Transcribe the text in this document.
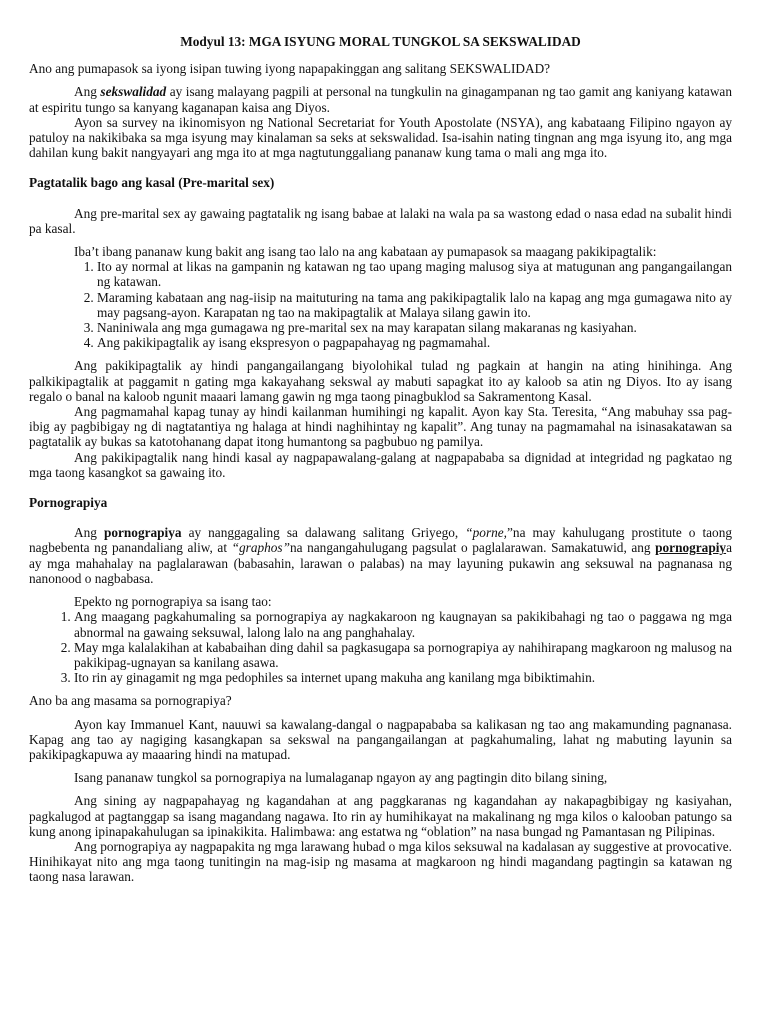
Modyul 13: MGA ISYUNG MORAL TUNGKOL SA SEKSWALIDAD

Ano ang pumapasok sa iyong isipan tuwing iyong napapakinggan ang salitang SEKSWALIDAD?

Ang sekswalidad ay isang malayang pagpili at personal na tungkulin na ginagampanan ng tao gamit ang kaniyang katawan at espiritu tungo sa kanyang kaganapan kaisa ang Diyos.

Ayon sa survey na ikinomisyon ng National Secretariat for Youth Apostolate (NSYA), ang kabataang Filipino ngayon ay patuloy na nakikibaka sa mga isyung may kinalaman sa seks at sekswalidad. Isa-isahin nating tingnan ang mga isyung ito, ang mga dahilan kung bakit nangyayari ang mga ito at mga nagtutunggaliang pananaw kung tama o mali ang mga ito.

Pagtatalik bago ang kasal (Pre-marital sex)

Ang pre-marital sex ay gawaing pagtatalik ng isang babae at lalaki na wala pa sa wastong edad o nasa edad na subalit hindi pa kasal.

Iba’t ibang pananaw kung bakit ang isang tao lalo na ang kabataan ay pumapasok sa maagang pakikipagtalik:

1. Ito ay normal at likas na gampanin ng katawan ng tao upang maging malusog siya at matugunan ang pangangailangan ng katawan.
2. Maraming kabataan ang nag-iisip na maituturing na tama ang pakikipagtalik lalo na kapag ang mga gumagawa nito ay may pagsang-ayon. Karapatan ng tao na makipagtalik at Malaya silang gawin ito.
3. Naniniwala ang mga gumagawa ng pre-marital sex na may karapatan silang makaranas ng kasiyahan.
4. Ang pakikipagtalik ay isang ekspresyon o pagpapahayag ng pagmamahal.

Ang pakikipagtalik ay hindi pangangailangang biyolohikal tulad ng pagkain at hangin na ating hinihinga. Ang palkikipagtalik at paggamit n gating mga kakayahang sekswal ay mabuti sapagkat ito ay kaloob sa atin ng Diyos. Ito ay isang regalo o banal na kaloob ngunit maaari lamang gawin ng mga taong pinagbuklod sa Sakramentong Kasal.

Ang pagmamahal kapag tunay ay hindi kailanman humihingi ng kapalit. Ayon kay Sta. Teresita, “Ang mabuhay ssa pag-ibig ay pagbibigay ng di nagtatantiya ng halaga at hindi naghihintay ng kapalit”. Ang tunay na pagmamahal na isinasakatawan sa pagtatalik ay bukas sa katotohanang dapat itong humantong sa pagbubuo ng pamilya.

Ang pakikipagtalik nang hindi kasal ay nagpapawalang-galang at nagpapababa sa dignidad at integridad ng pagkatao ng mga taong kasangkot sa gawaing ito.

Pornograpiya

Ang pornograpiya ay nanggagaling sa dalawang salitang Griyego, “porne,”na may kahulugang prostitute o taong nagbebenta ng panandaliang aliw, at “graphos”na nangangahulugang pagsulat o paglalarawan. Samakatuwid, ang pornograpiya ay mga mahahalay na paglalarawan (babasahin, larawan o palabas) na may layuning pukawin ang seksuwal na pagnanasa ng nanonood o nagbabasa.

Epekto ng pornograpiya sa isang tao:

1. Ang maagang pagkahumaling sa pornograpiya ay nagkakaroon ng kaugnayan sa pakikibahagi ng tao o paggawa ng mga abnormal na gawaing seksuwal, lalong lalo na ang panghahalay.
2. May mga kalalakihan at kababaihan ding dahil sa pagkasugapa sa pornograpiya ay nahihirapang magkaroon ng malusog na pakikipag-ugnayan sa kanilang asawa.
3. Ito rin ay ginagamit ng mga pedophiles sa internet upang makuha ang kanilang mga bibiktimahin.

Ano ba ang masama sa pornograpiya?

Ayon kay Immanuel Kant, nauuwi sa kawalang-dangal o nagpapababa sa kalikasan ng tao ang makamunding pagnanasa. Kapag ang tao ay nagiging kasangkapan sa sekswal na pangangailangan at pagkahumaling, lahat ng mabuting layunin sa pakikipagkapuwa ay maaaring hindi na matupad.

Isang pananaw tungkol sa pornograpiya na lumalaganap ngayon ay ang pagtingin dito bilang sining,

Ang sining ay nagpapahayag ng kagandahan at ang paggkaranas ng kagandahan ay nakapagbibigay ng kasiyahan, pagkalugod at pagtanggap sa isang magandang nagawa. Ito rin ay humihikayat na makalinang ng mga kilos o kalooban patungo sa kung anong ipinapakahulugan sa ipinakikita. Halimbawa: ang estatwa ng “oblation” na nasa bungad ng Pamantasan ng Pilipinas.

Ang pornograpiya ay nagpapakita ng mga larawang hubad o mga kilos seksuwal na kadalasan ay suggestive at provocative. Hinihikayat nito ang mga taong tunitingin na mag-isip ng masama at magkaroon ng hindi magandang pagtingin sa katawan ng taong nasa larawan.
